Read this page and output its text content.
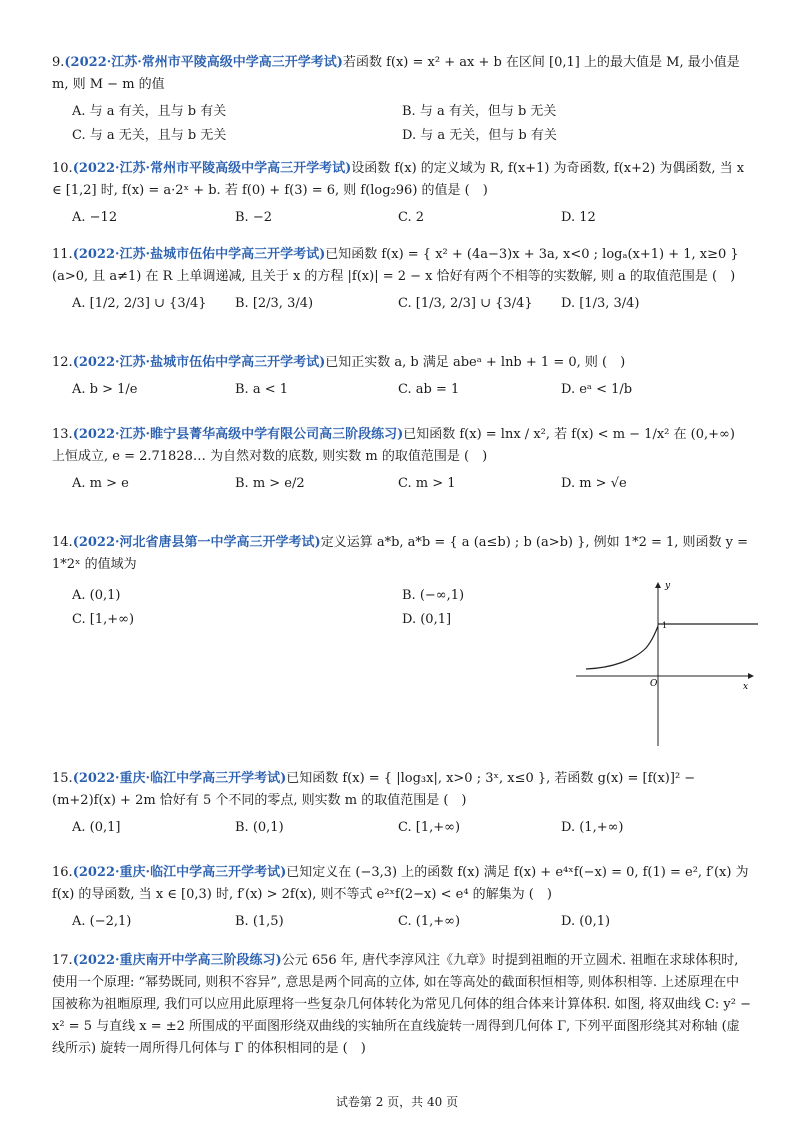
9.(2022·江苏·常州市平陵高级中学高三开学考试)若函数 f(x) = x² + ax + b 在区间 [0,1] 上的最大值是 M, 最小值是 m, 则 M − m 的值

A. 与 a 有关，且与 b 有关	B. 与 a 有关，但与 b 无关
C. 与 a 无关，且与 b 无关	D. 与 a 无关，但与 b 有关

10.(2022·江苏·常州市平陵高级中学高三开学考试)设函数 f(x) 的定义域为 R, f(x+1) 为奇函数, f(x+2) 为偶函数, 当 x ∈ [1,2] 时, f(x) = a·2ˣ + b. 若 f(0) + f(3) = 6, 则 f(log₂96) 的值是 (　)

A. −12	B. −2	C. 2	D. 12

11.(2022·江苏·盐城市伍佑中学高三开学考试)已知函数 f(x) = { x² + (4a−3)x + 3a, x<0 ; logₐ(x+1) + 1, x≥0 } (a>0, 且 a≠1) 在 R 上单调递减, 且关于 x 的方程 |f(x)| = 2 − x 恰好有两个不相等的实数解, 则 a 的取值范围是 (　)

A. [1/2, 2/3] ∪ {3/4}	B. [2/3, 3/4)	C. [1/3, 2/3] ∪ {3/4}	D. [1/3, 3/4)

12.(2022·江苏·盐城市伍佑中学高三开学考试)已知正实数 a, b 满足 abeᵃ + lnb + 1 = 0, 则 (　)

A. b > 1/e	B. a < 1	C. ab = 1	D. eᵃ < 1/b

13.(2022·江苏·睢宁县菁华高级中学有限公司高三阶段练习)已知函数 f(x) = lnx / x², 若 f(x) < m − 1/x² 在 (0,+∞) 上恒成立, e = 2.71828… 为自然对数的底数, 则实数 m 的取值范围是 (　)

A. m > e	B. m > e/2	C. m > 1	D. m > √e

14.(2022·河北省唐县第一中学高三开学考试)定义运算 a*b, a*b = { a (a≤b) ; b (a>b) }, 例如 1*2 = 1, 则函数 y = 1*2ˣ 的值域为

A. (0,1)	B. (−∞,1)
C. [1,+∞)	D. (0,1]
y
x
O
1

15.(2022·重庆·临江中学高三开学考试)已知函数 f(x) = { |log₃x|, x>0 ; 3ˣ, x≤0 }, 若函数 g(x) = [f(x)]² − (m+2)f(x) + 2m 恰好有 5 个不同的零点, 则实数 m 的取值范围是 (　)

A. (0,1]	B. (0,1)	C. [1,+∞)	D. (1,+∞)

16.(2022·重庆·临江中学高三开学考试)已知定义在 (−3,3) 上的函数 f(x) 满足 f(x) + e⁴ˣf(−x) = 0, f(1) = e², f′(x) 为 f(x) 的导函数, 当 x ∈ [0,3) 时, f′(x) > 2f(x), 则不等式 e²ˣf(2−x) < e⁴ 的解集为 (　)

A. (−2,1)	B. (1,5)	C. (1,+∞)	D. (0,1)

17.(2022·重庆南开中学高三阶段练习)公元 656 年, 唐代李淳风注《九章》时提到祖暅的开立圆术. 祖暅在求球体积时, 使用一个原理: “幂势既同, 则积不容异”, 意思是两个同高的立体, 如在等高处的截面积恒相等, 则体积相等. 上述原理在中国被称为祖暅原理, 我们可以应用此原理将一些复杂几何体转化为常见几何体的组合体来计算体积. 如图, 将双曲线 C: y² − x² = 5 与直线 x = ±2 所围成的平面图形绕双曲线的实轴所在直线旋转一周得到几何体 Γ, 下列平面图形绕其对称轴 (虚线所示) 旋转一周所得几何体与 Γ 的体积相同的是 (　)

试卷第 2 页，共 40 页
